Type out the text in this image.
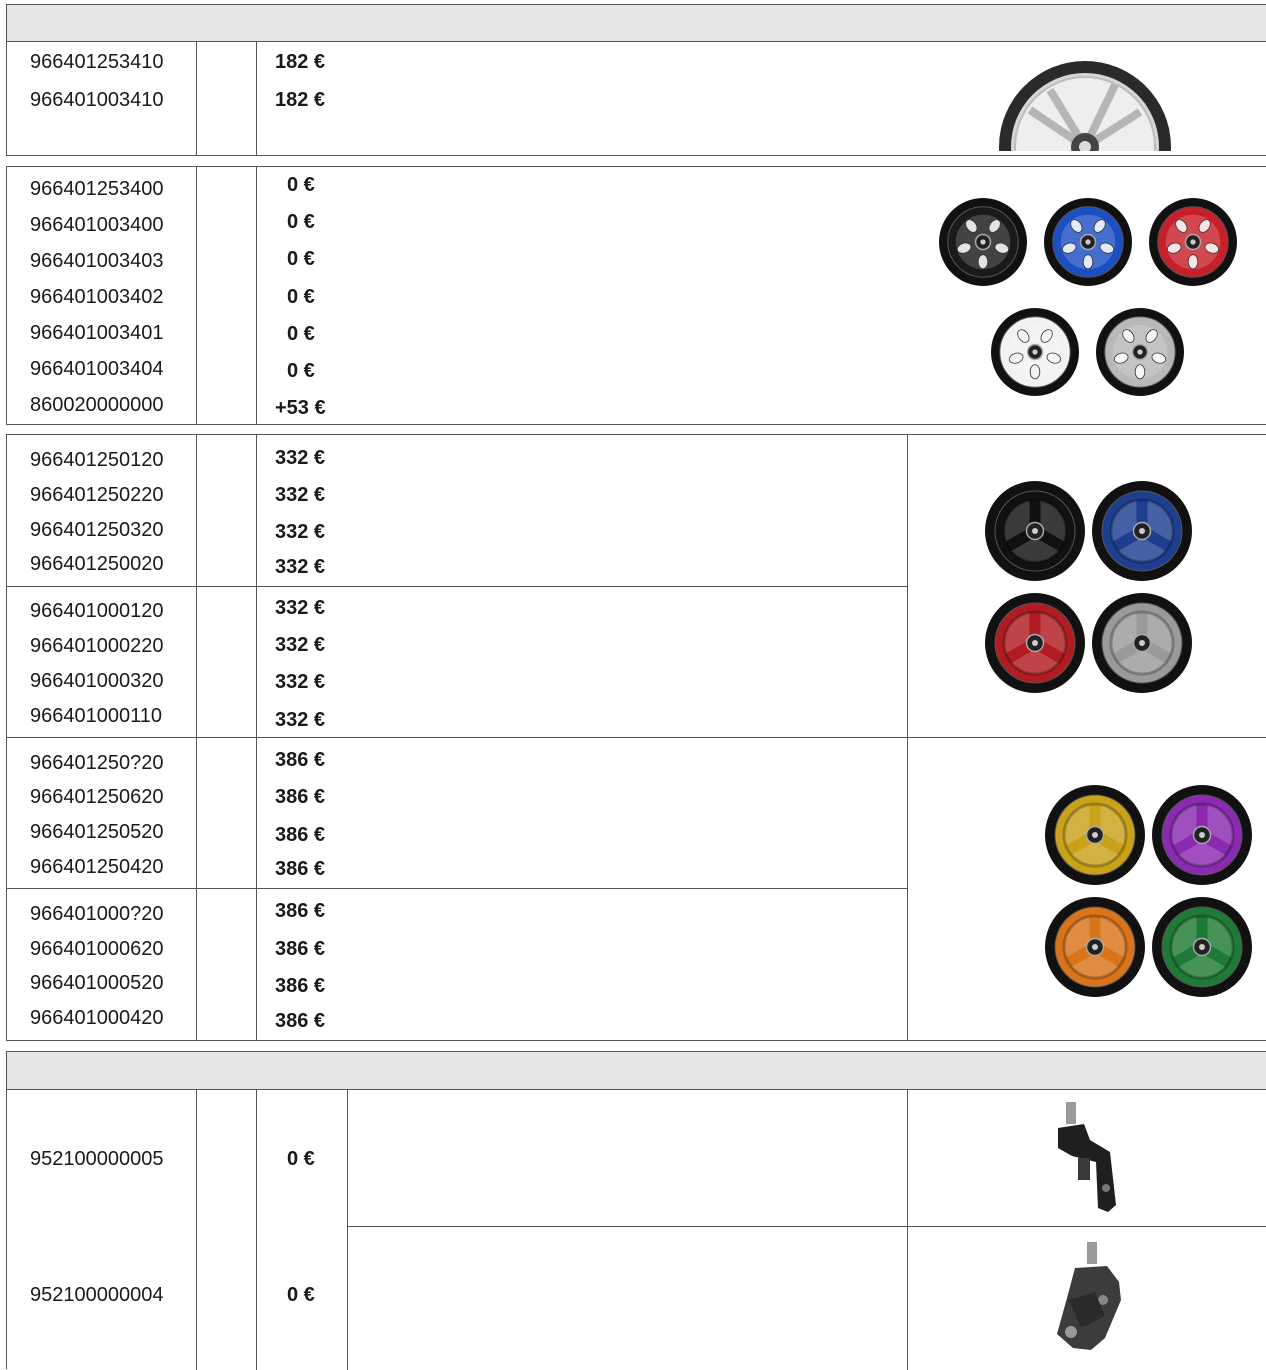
966401253410	182 €
966401003410	182 €
966401253400	0 €
966401003400	0 €
966401003403	0 €
966401003402	0 €
966401003401	0 €
966401003404	0 €
860020000000	+53 €
966401250120	332 €
966401250220	332 €
966401250320	332 €
966401250020	332 €
966401000120	332 €
966401000220	332 €
966401000320	332 €
966401000110	332 €
966401250?20	386 €
966401250620	386 €
966401250520	386 €
966401250420	386 €
966401000?20	386 €
966401000620	386 €
966401000520	386 €
966401000420	386 €
952100000005	0 €
952100000004	0 €
